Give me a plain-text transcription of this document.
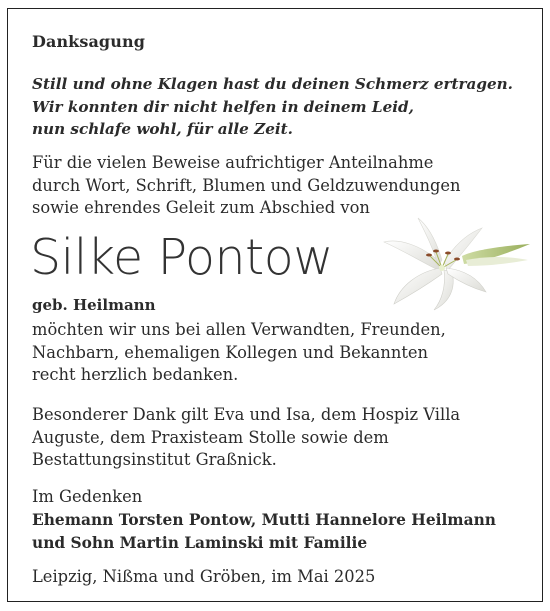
Danksagung
Still und ohne Klagen hast du deinen Schmerz ertragen.
Wir konnten dir nicht helfen in deinem Leid,
nun schlafe wohl, für alle Zeit.
Für die vielen Beweise aufrichtiger Anteilnahme
durch Wort, Schrift, Blumen und Geldzuwendungen
sowie ehrendes Geleit zum Abschied von
Silke Pontow
geb. Heilmann
möchten wir uns bei allen Verwandten, Freunden,
Nachbarn, ehemaligen Kollegen und Bekannten
recht herzlich bedanken.
Besonderer Dank gilt Eva und Isa, dem Hospiz Villa
Auguste, dem Praxisteam Stolle sowie dem
Bestattungsinstitut Graßnick.
Im Gedenken
Ehemann Torsten Pontow, Mutti Hannelore Heilmann
und Sohn Martin Laminski mit Familie
Leipzig, Nißma und Gröben, im Mai 2025
